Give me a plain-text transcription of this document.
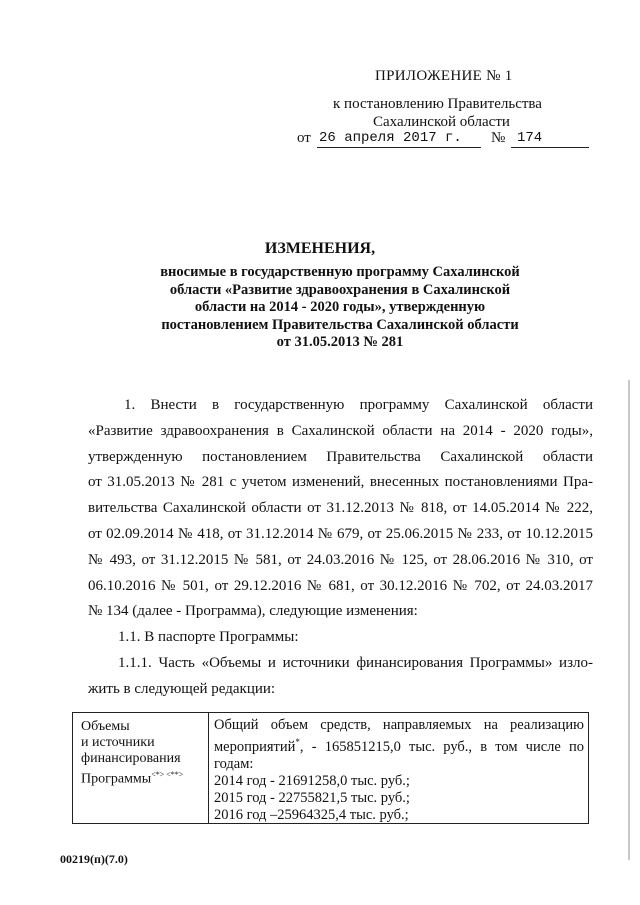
ПРИЛОЖЕНИЕ № 1
к постановлению Правительства
Сахалинской области
от 26 апреля 2017 г.	№ 174
ИЗМЕНЕНИЯ,
вносимые в государственную программу Сахалинской
области «Развитие здравоохранения в Сахалинской
области на 2014 - 2020 годы», утвержденную
постановлением Правительства Сахалинской области
от 31.05.2013 № 281
1. Внести в государственную программу Сахалинской области
«Развитие здравоохранения в Сахалинской области на 2014 - 2020 годы»,
утвержденную постановлением Правительства Сахалинской области
от 31.05.2013 № 281 с учетом изменений, внесенных постановлениями Пра-
вительства Сахалинской области от 31.12.2013 № 818, от 14.05.2014 № 222,
от 02.09.2014 № 418, от 31.12.2014 № 679, от 25.06.2015 № 233, от 10.12.2015
№ 493, от 31.12.2015 № 581, от 24.03.2016 № 125, от 28.06.2016 № 310, от
06.10.2016 № 501, от 29.12.2016 № 681, от 30.12.2016 № 702, от 24.03.2017
№ 134 (далее - Программа), следующие изменения:
1.1. В паспорте Программы:
1.1.1. Часть «Объемы и источники финансирования Программы» изло-
жить в следующей редакции:
Объемы
и источники
финансирования
Программы<*> <**>
Общий объем средств, направляемых на реализацию
мероприятий*, - 165851215,0 тыс. руб., в том числе по
годам:
2014 год - 21691258,0 тыс. руб.;
2015 год - 22755821,5 тыс. руб.;
2016 год –25964325,4 тыс. руб.;
00219(п)(7.0)
